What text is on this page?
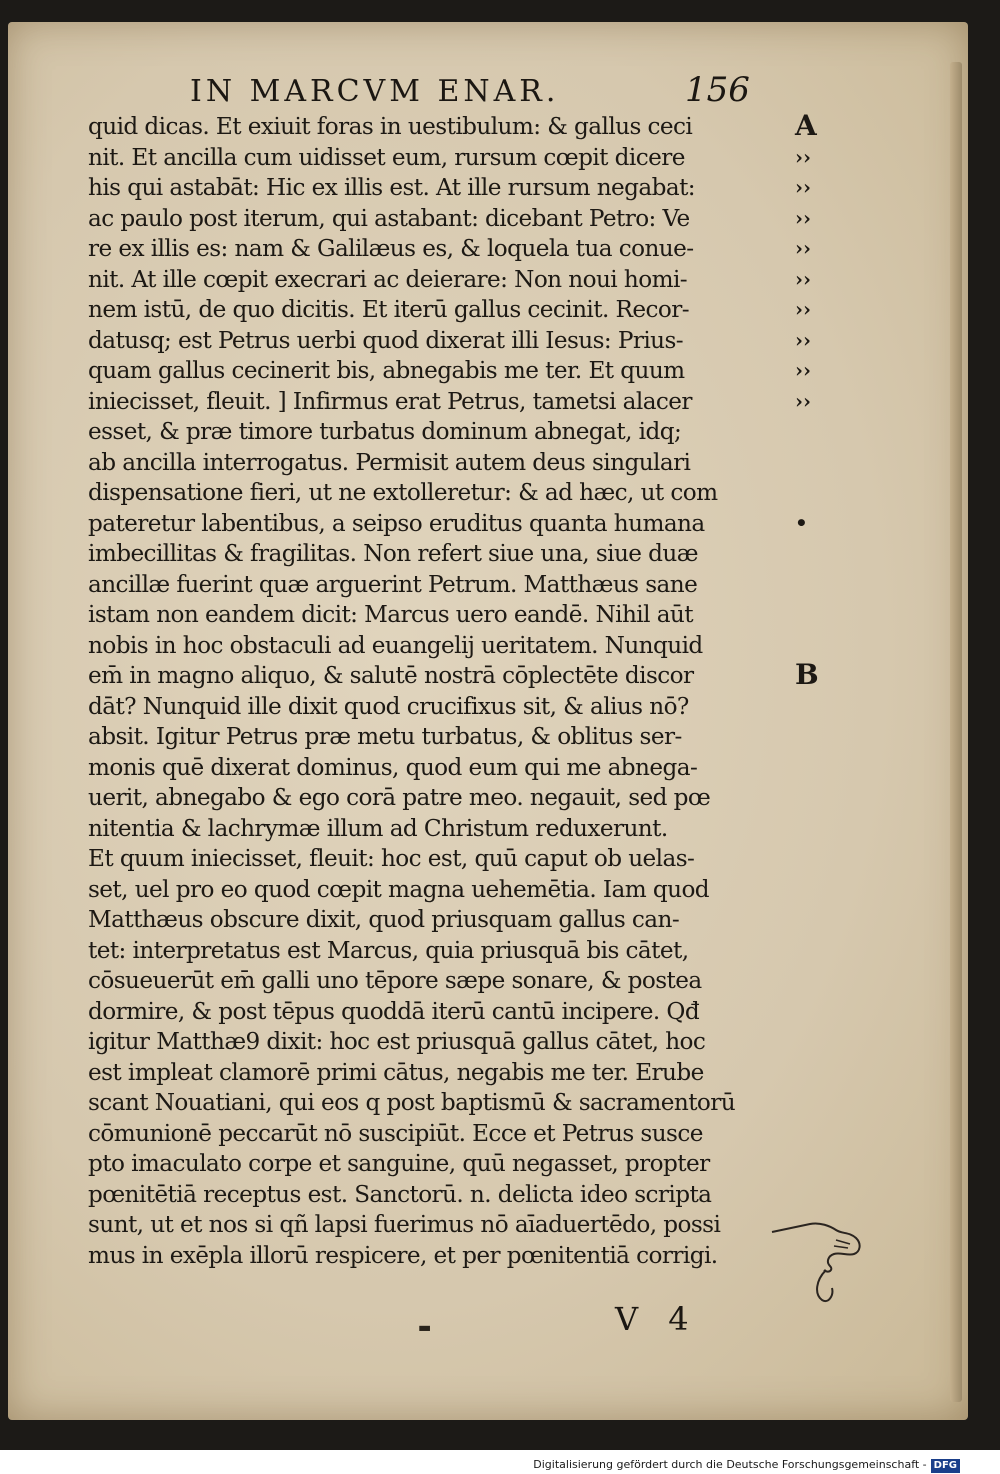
IN MARCVM ENAR.	156
quid dicas. Et exiuit foras in uestibulum: & gallus ceci
nit. Et ancilla cum uidisset eum, rursum cœpit dicere
his qui astabāt: Hic ex illis est. At ille rursum negabat:
ac paulo post iterum, qui astabant: dicebant Petro: Ve
re ex illis es: nam & Galilæus es, & loquela tua conue-
nit. At ille cœpit execrari ac deierare: Non noui homi-
nem istū, de quo dicitis. Et iterū gallus cecinit. Recor-
datusq; est Petrus uerbi quod dixerat illi Iesus: Prius-
quam gallus cecinerit bis, abnegabis me ter. Et quum
iniecisset, fleuit. ] Infirmus erat Petrus, tametsi alacer
esset, & præ timore turbatus dominum abnegat, idq;
ab ancilla interrogatus. Permisit autem deus singulari
dispensatione fieri, ut ne extolleretur: & ad hæc, ut com
pateretur labentibus, a seipso eruditus quanta humana
imbecillitas & fragilitas. Non refert siue una, siue duæ
ancillæ fuerint quæ arguerint Petrum. Matthæus sane
istam non eandem dicit: Marcus uero eandē. Nihil aūt
nobis in hoc obstaculi ad euangelij ueritatem. Nunquid
em̄ in magno aliquo, & salutē nostrā cōplectēte discor
dāt? Nunquid ille dixit quod crucifixus sit, & alius nō?
absit. Igitur Petrus præ metu turbatus, & oblitus ser-
monis quē dixerat dominus, quod eum qui me abnega-
uerit, abnegabo & ego corā patre meo. negauit, sed pœ
nitentia & lachrymæ illum ad Christum reduxerunt.
Et quum iniecisset, fleuit: hoc est, quū caput ob uelas-
set, uel pro eo quod cœpit magna uehemētia. Iam quod
Matthæus obscure dixit, quod priusquam gallus can-
tet: interpretatus est Marcus, quia priusquā bis cātet,
cōsueuerūt em̄ galli uno tēpore sæpe sonare, & postea
dormire, & post tēpus quoddā iterū cantū incipere. Qđ
igitur Matthæ9 dixit: hoc est priusquā gallus cātet, hoc
est impleat clamorē primi cātus, negabis me ter. Erube
scant Nouatiani, qui eos q post baptismū & sacramentorū
cōmunionē peccarūt nō suscipiūt. Ecce et Petrus susce
pto imaculato corpe et sanguine, quū negasset, propter
pœnitētiā receptus est. Sanctorū. n. delicta ideo scripta
sunt, ut et nos si qñ lapsi fuerimus nō aīaduertēdo, possi
mus in exēpla illorū respicere, et per pœnitentiā corrigi.
A
››
››
››
››
››
››
››
››
››
•
B
V 4
▬
Digitalisierung gefördert durch die Deutsche Forschungsgemeinschaft - DFG
